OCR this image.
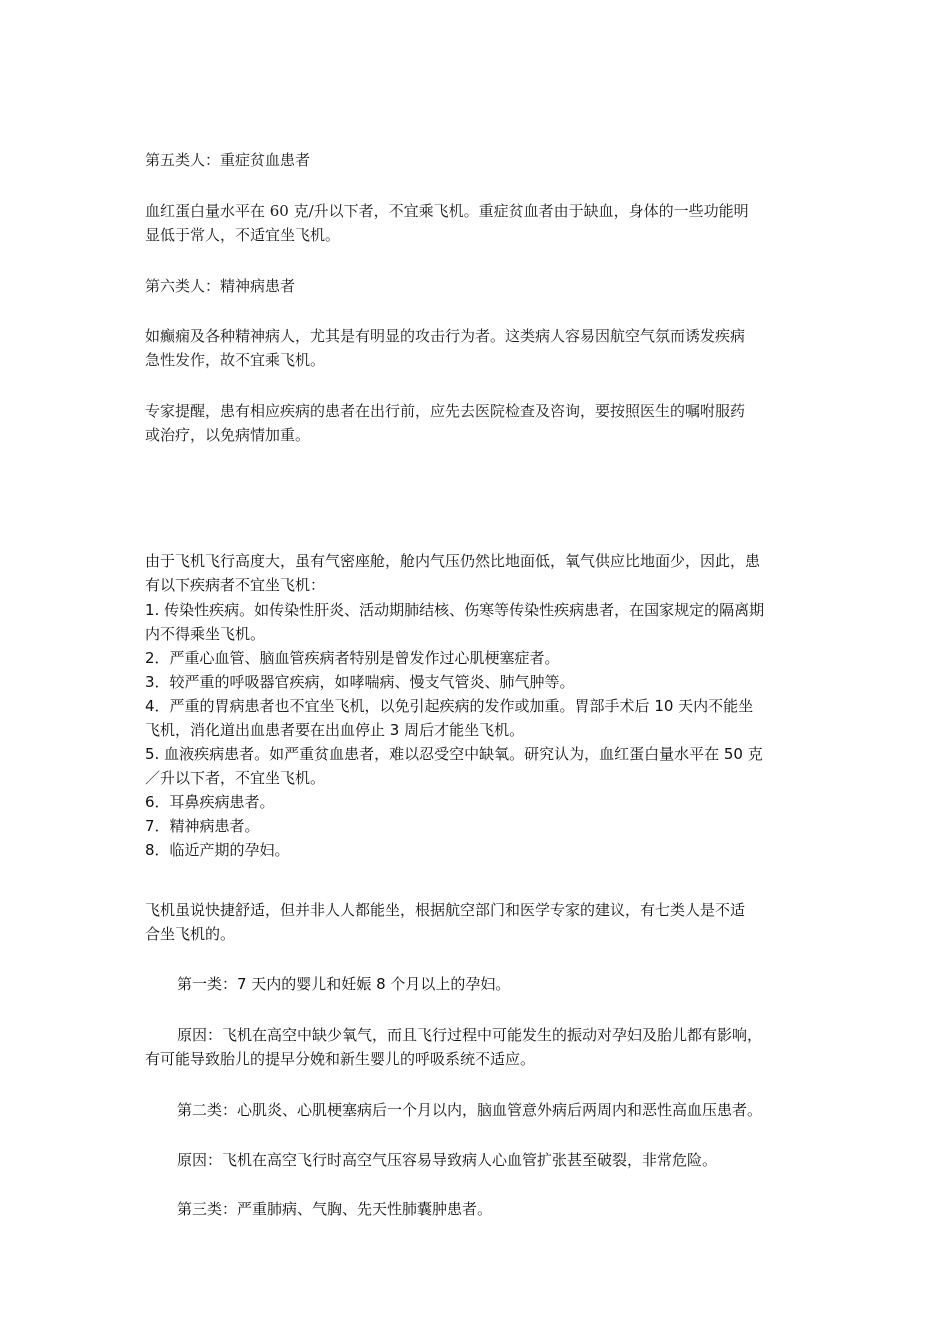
第五类人：重症贫血患者

血红蛋白量水平在 60 克/升以下者，不宜乘飞机。重症贫血者由于缺血，身体的一些功能明
显低于常人，不适宜坐飞机。

第六类人：精神病患者

如癫痫及各种精神病人，尤其是有明显的攻击行为者。这类病人容易因航空气氛而诱发疾病
急性发作，故不宜乘飞机。

专家提醒，患有相应疾病的患者在出行前，应先去医院检查及咨询，要按照医生的嘱咐服药
或治疗，以免病情加重。

由于飞机飞行高度大，虽有气密座舱，舱内气压仍然比地面低，氧气供应比地面少，因此，患
有以下疾病者不宜坐飞机：

1. 传染性疾病。如传染性肝炎、活动期肺结核、伤寒等传染性疾病患者，在国家规定的隔离期
内不得乘坐飞机。
2．严重心血管、脑血管疾病者特别是曾发作过心肌梗塞症者。
3．较严重的呼吸器官疾病，如哮喘病、慢支气管炎、肺气肿等。
4．严重的胃病患者也不宜坐飞机，以免引起疾病的发作或加重。胃部手术后 10 天内不能坐
飞机，消化道出血患者要在出血停止 3 周后才能坐飞机。
5. 血液疾病患者。如严重贫血患者，难以忍受空中缺氧。研究认为，血红蛋白量水平在 50 克
／升以下者，不宜坐飞机。
6．耳鼻疾病患者。
7．精神病患者。
8．临近产期的孕妇。

飞机虽说快捷舒适，但并非人人都能坐，根据航空部门和医学专家的建议，有七类人是不适
合坐飞机的。

第一类：7 天内的婴儿和妊娠 8 个月以上的孕妇。

原因：飞机在高空中缺少氧气，而且飞行过程中可能发生的振动对孕妇及胎儿都有影响，

有可能导致胎儿的提早分娩和新生婴儿的呼吸系统不适应。

第二类：心肌炎、心肌梗塞病后一个月以内，脑血管意外病后两周内和恶性高血压患者。

原因：飞机在高空飞行时高空气压容易导致病人心血管扩张甚至破裂，非常危险。

第三类：严重肺病、气胸、先天性肺囊肿患者。
